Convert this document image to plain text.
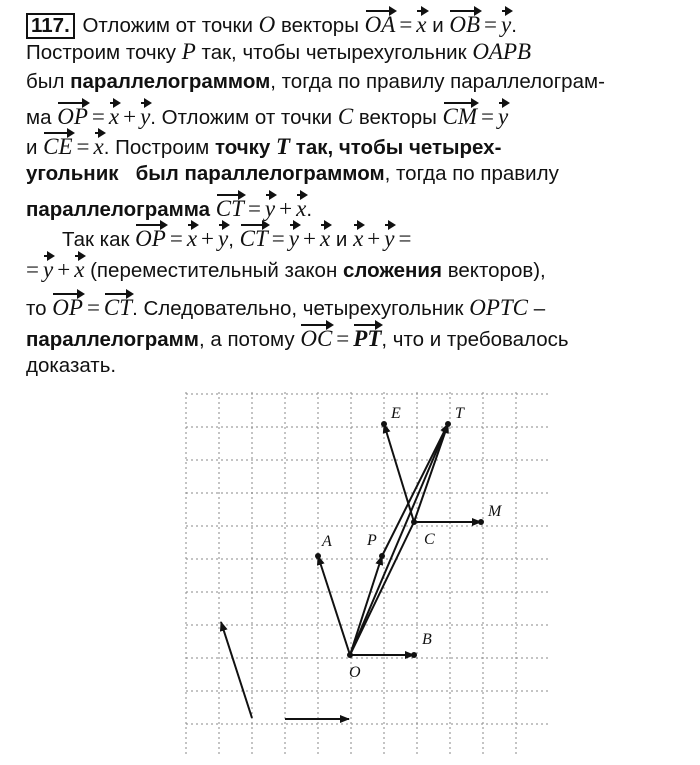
117. Отложим от точки O векторы OA = x и OB = y.
Построим точку P так, чтобы четырехугольник OAPB
был параллелограммом, тогда по правилу параллелограм-
ма OP = x + y. Отложим от точки C векторы CM = y
и CE = x. Построим точку T так, чтобы четырех-
угольник   был параллелограммом, тогда по правилу
параллелограмма CT = y + x.
Так как OP = x + y, CT = y + x и x + y =
= y + x (переместительный закон сложения векторов),
то OP = CT. Следовательно, четырехугольник OPTC –
параллелограмм, а потому OC = PT, что и требовалось
доказать.
E	T
M
A P	C
B
O
